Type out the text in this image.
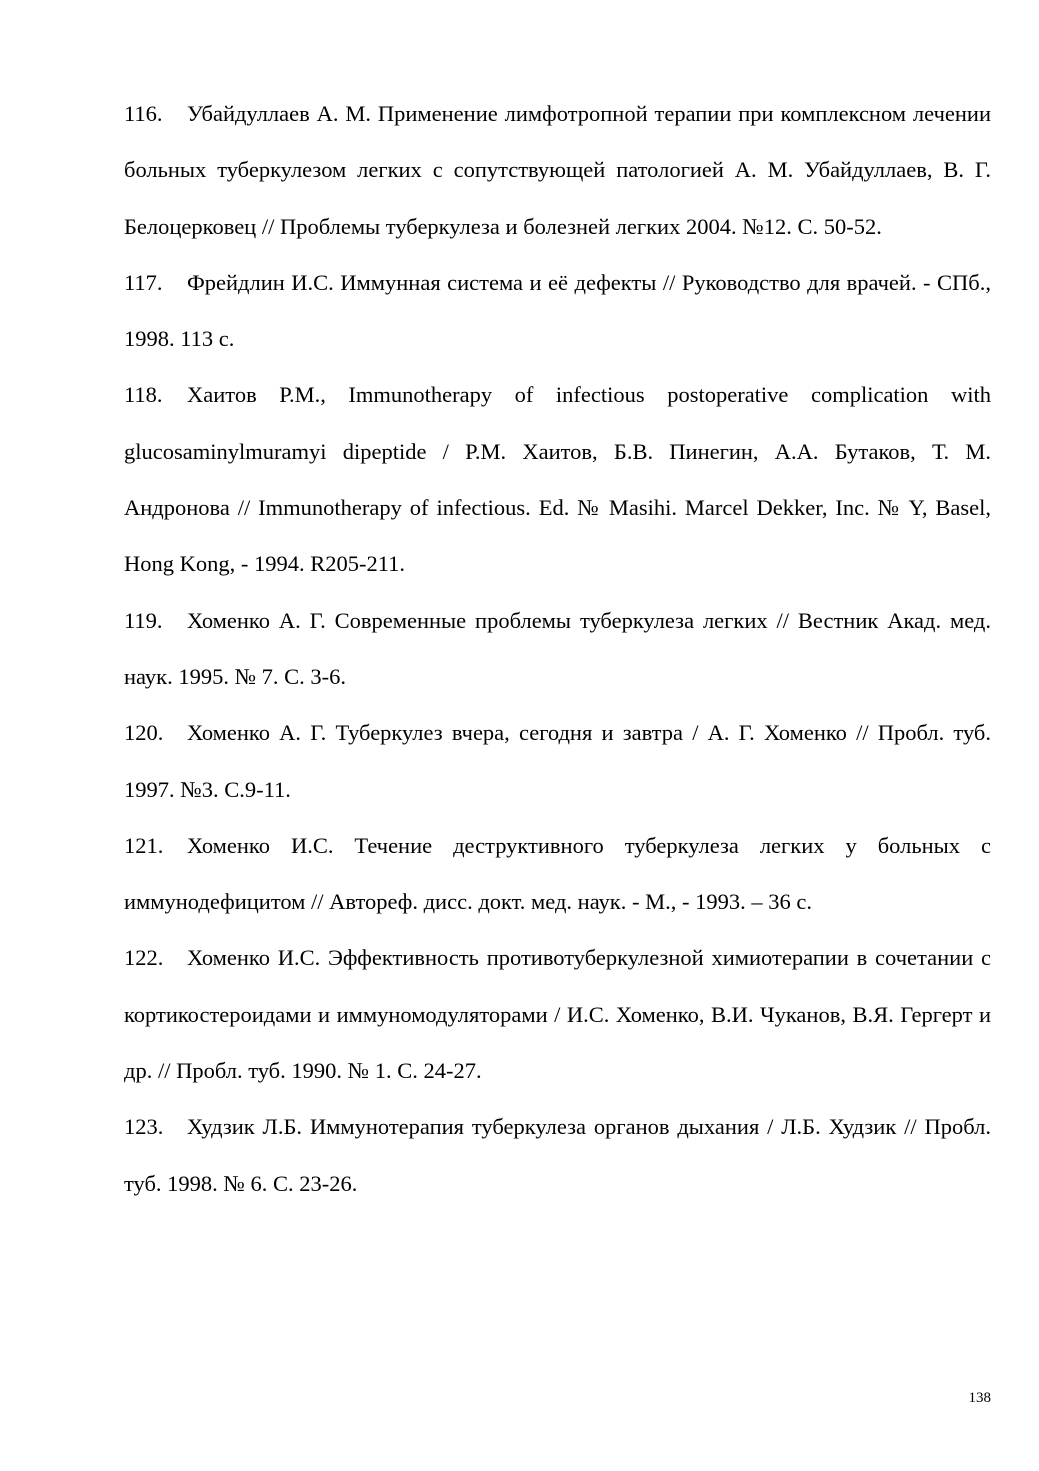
116. Убайдуллаев А. М. Применение лимфотропной терапии при комплексном лечении больных туберкулезом легких с сопутствующей патологией А. М. Убайдуллаев, В. Г. Белоцерковец // Проблемы туберкулеза и болезней легких 2004. №12. С. 50-52.

117. Фрейдлин И.С. Иммунная система и её дефекты // Руководство для врачей. - СПб., 1998. 113 с.

118. Хаитов Р.М., Immunotherapy of infectious postoperative complication with glucosaminylmuramyi dipeptide / Р.М. Хаитов, Б.В. Пинегин, А.А. Бутаков, Т. М. Андронова // Immunotherapy of infectious. Ed. № Masihi. Marcel Dekker, Inc. № Y, Basel, Hong Kong, - 1994. R205-211.

119. Хоменко А. Г. Современные проблемы туберкулеза легких // Вестник Акад. мед. наук. 1995. № 7. С. 3-6.

120. Хоменко А. Г. Туберкулез вчера, сегодня и завтра / А. Г. Хоменко // Пробл. туб. 1997. №3. С.9-11.

121. Хоменко И.С. Течение деструктивного туберкулеза легких у больных с иммунодефицитом // Автореф. дисс. докт. мед. наук. - М., - 1993. – 36 с.

122. Хоменко И.С. Эффективность противотуберкулезной химиотерапии в сочетании с кортикостероидами и иммуномодуляторами / И.С. Хоменко, В.И. Чуканов, В.Я. Гергерт и др. // Пробл. туб. 1990. № 1. С. 24-27.

123. Худзик Л.Б. Иммунотерапия туберкулеза органов дыхания / Л.Б. Худзик // Пробл. туб. 1998. № 6. С. 23-26.

138
